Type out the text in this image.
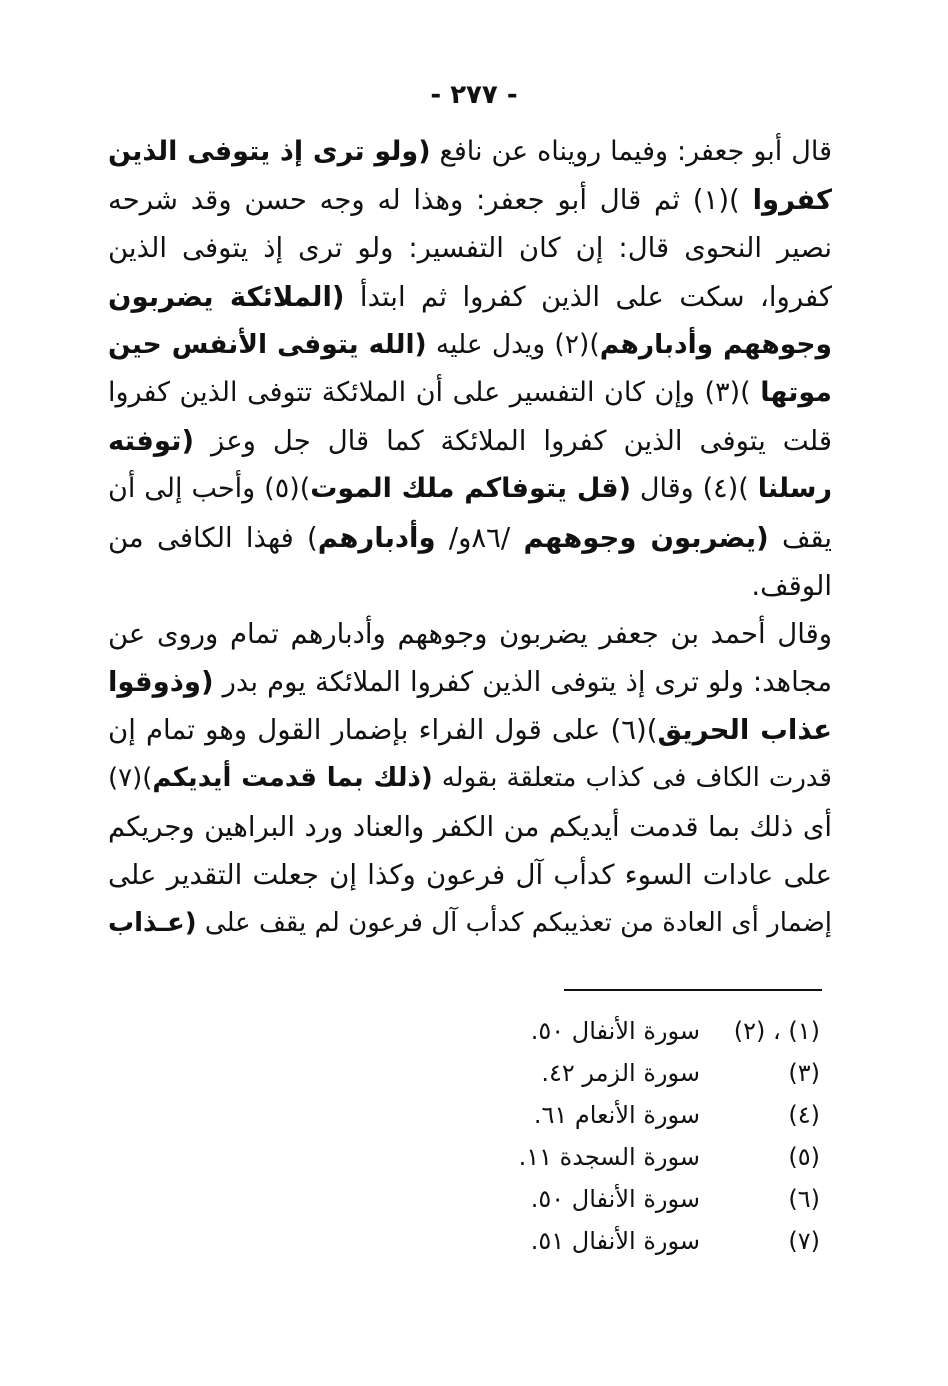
- ٢٧٧ -
قال أبو جعفر: وفيما رويناه عن نافع (ولو ترى إذ يتوفى الذين
كفروا )(١) ثم قال أبو جعفر: وهذا له وجه حسن وقد شرحه
نصير النحوى قال: إن كان التفسير: ولو ترى إذ يتوفى الذين
كفروا، سكت على الذين كفروا ثم ابتدأ (الملائكة يضربون
وجوههم وأدبارهم)(٢) ويدل عليه (الله يتوفى الأنفس حين
موتها )(٣) وإن كان التفسير على أن الملائكة تتوفى الذين كفروا
قلت يتوفى الذين كفروا الملائكة كما قال جل وعز (توفته
رسلنا )(٤) وقال (قل يتوفاكم ملك الموت)(٥) وأحب إلى أن
يقف (يضربون وجوههم /٨٦و/ وأدبارهم) فهذا الكافى من
الوقف.
وقال أحمد بن جعفر يضربون وجوههم وأدبارهم تمام وروى عن
مجاهد: ولو ترى إذ يتوفى الذين كفروا الملائكة يوم بدر (وذوقوا
عذاب الحريق)(٦) على قول الفراء بإضمار القول وهو تمام إن
قدرت الكاف فى كذاب متعلقة بقوله (ذلك بما قدمت أيديكم)(٧)
أى ذلك بما قدمت أيديكم من الكفر والعناد ورد البراهين وجريكم
على عادات السوء كدأب آل فرعون وكذا إن جعلت التقدير على
إضمار أى العادة من تعذيبكم كدأب آل فرعون لم يقف على (عـذاب
(١) ، (٢)
سورة الأنفال ٥٠.
(٣)
سورة الزمر ٤٢.
(٤)
سورة الأنعام ٦١.
(٥)
سورة السجدة ١١.
(٦)
سورة الأنفال ٥٠.
(٧)
سورة الأنفال ٥١.
